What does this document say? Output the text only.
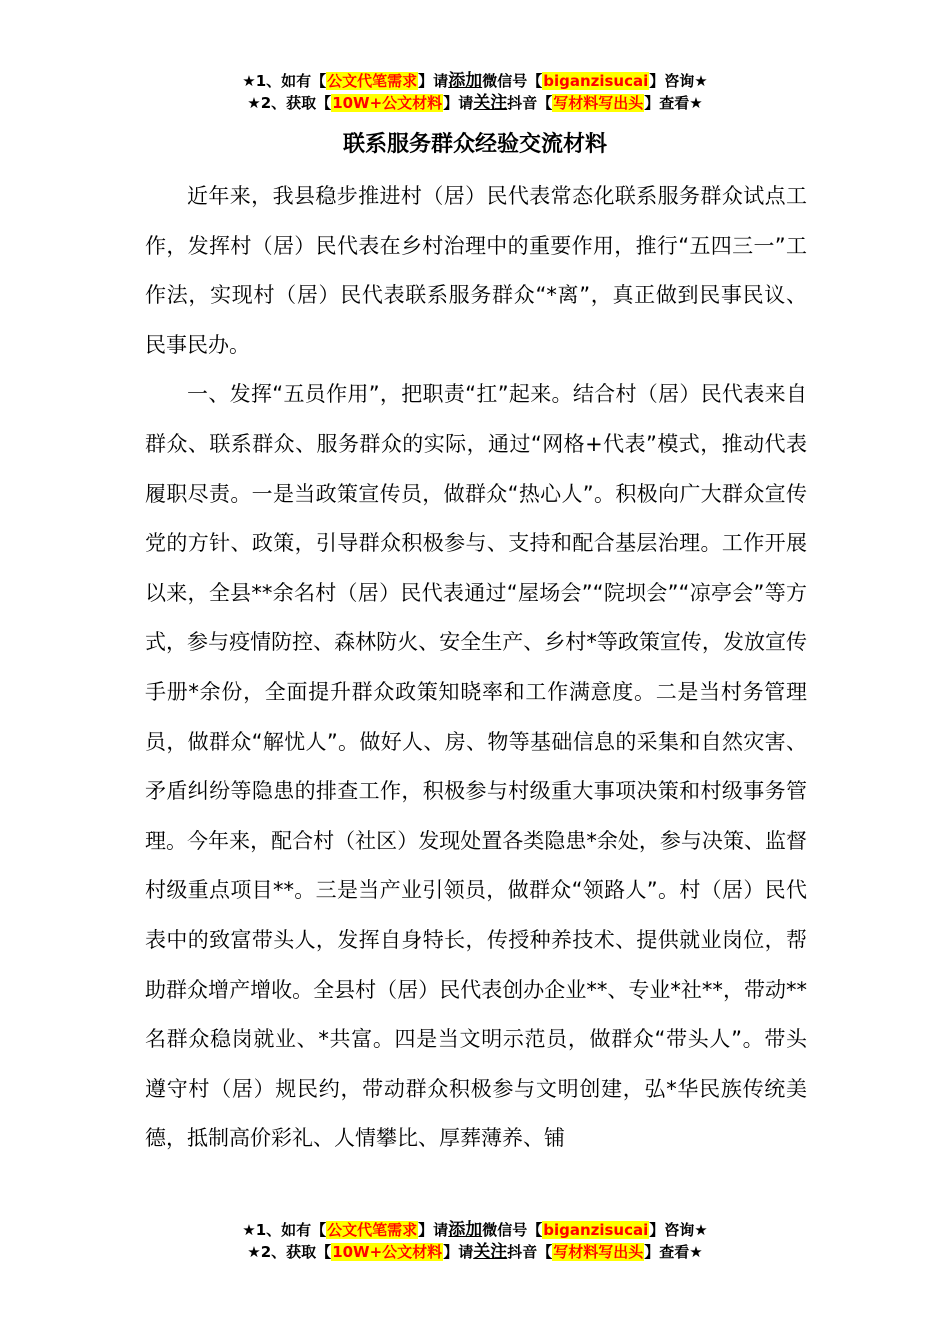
★1、如有【公文代笔需求】请添加微信号【biganzisucai】咨询★
★2、获取【10W+公文材料】请关注抖音【写材料写出头】查看★
联系服务群众经验交流材料

近年来，我县稳步推进村（居）民代表常态化联系服务群众试点工作，发挥村（居）民代表在乡村治理中的重要作用，推行“五四三一”工作法，实现村（居）民代表联系服务群众“*离”，真正做到民事民议、民事民办。

一、发挥“五员作用”，把职责“扛”起来。结合村（居）民代表来自群众、联系群众、服务群众的实际，通过“网格+代表”模式，推动代表履职尽责。一是当政策宣传员，做群众“热心人”。积极向广大群众宣传党的方针、政策，引导群众积极参与、支持和配合基层治理。工作开展以来，全县**余名村（居）民代表通过“屋场会”“院坝会”“凉亭会”等方式，参与疫情防控、森林防火、安全生产、乡村*等政策宣传，发放宣传手册*余份，全面提升群众政策知晓率和工作满意度。二是当村务管理员，做群众“解忧人”。做好人、房、物等基础信息的采集和自然灾害、矛盾纠纷等隐患的排查工作，积极参与村级重大事项决策和村级事务管理。今年来，配合村（社区）发现处置各类隐患*余处，参与决策、监督村级重点项目**。三是当产业引领员，做群众“领路人”。村（居）民代表中的致富带头人，发挥自身特长，传授种养技术、提供就业岗位，帮助群众增产增收。全县村（居）民代表创办企业**、专业*社**，带动**名群众稳岗就业、*共富。四是当文明示范员，做群众“带头人”。带头遵守村（居）规民约，带动群众积极参与文明创建，弘*华民族传统美德，抵制高价彩礼、人情攀比、厚葬薄养、铺

★1、如有【公文代笔需求】请添加微信号【biganzisucai】咨询★
★2、获取【10W+公文材料】请关注抖音【写材料写出头】查看★
